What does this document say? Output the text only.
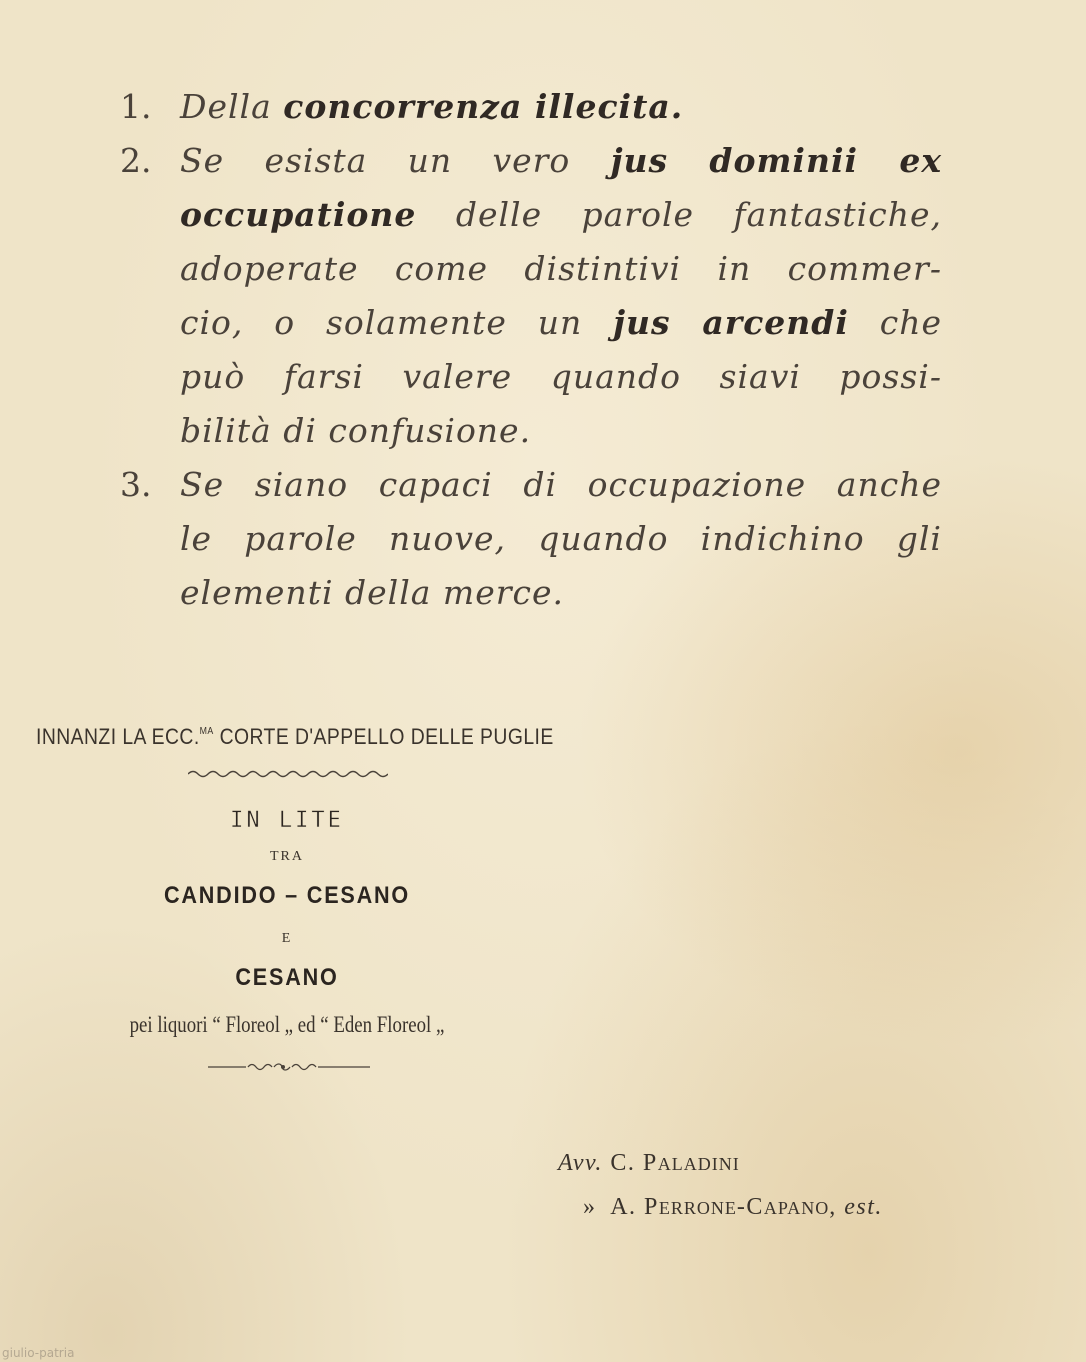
1. Della concorrenza illecita.
2. Se esista un vero jus dominii ex
occupatione delle parole fantastiche,
adoperate come distintivi in commer-
cio, o solamente un jus arcendi che
può farsi valere quando siavi possi-
bilità di confusione.
3. Se siano capaci di occupazione anche
le parole nuove, quando indichino gli
elementi della merce.
INNANZI LA ECC.$^{MA}$ CORTE D'APPELLO DELLE PUGLIE
IN LITE
TRA
CANDIDO – CESANO
E
CESANO
pei liquori “ Floreol „ ed “ Eden Floreol „
Avv. C. PALADINI
» A. PERRONE-CAPANO, est.
giulio-patria
